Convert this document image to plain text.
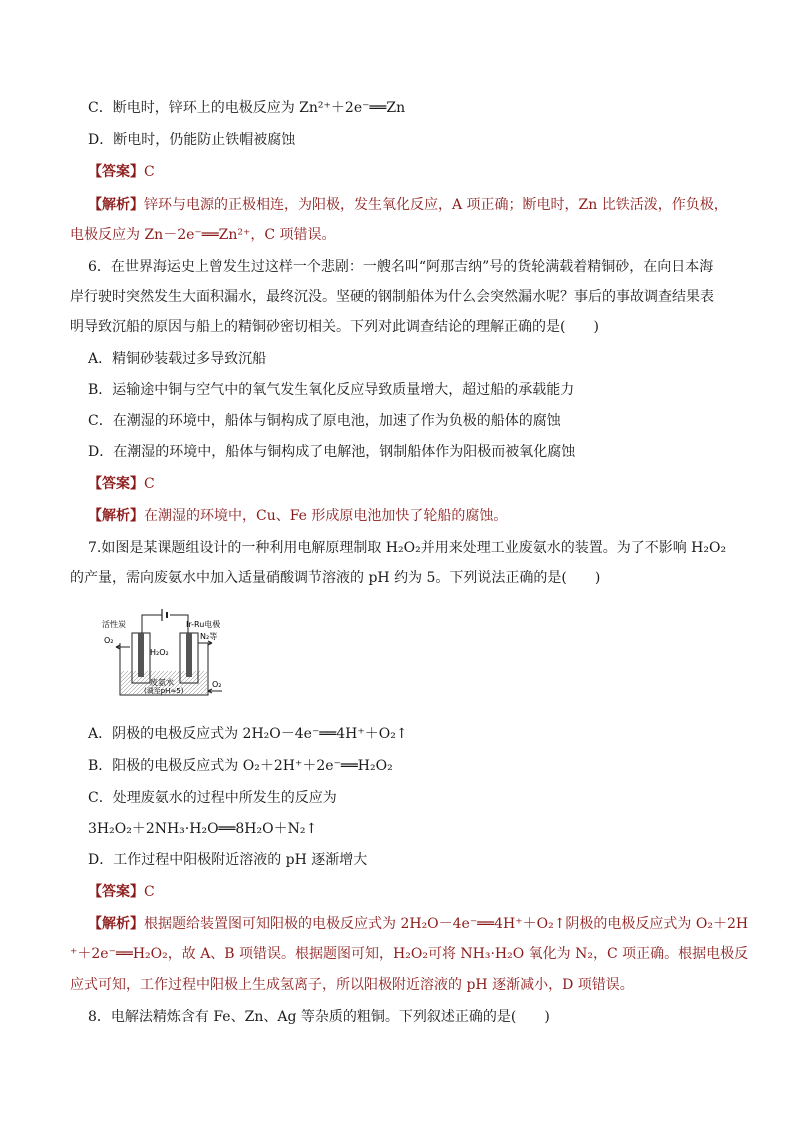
C．断电时，锌环上的电极反应为 Zn²⁺＋2e⁻══Zn
D．断电时，仍能防止铁帽被腐蚀
【答案】C
【解析】锌环与电源的正极相连，为阳极，发生氧化反应，A 项正确；断电时，Zn 比铁活泼，作负极，
电极反应为 Zn－2e⁻══Zn²⁺，C 项错误。
6．在世界海运史上曾发生过这样一个悲剧：一艘名叫“阿那吉纳”号的货轮满载着精铜砂，在向日本海
岸行驶时突然发生大面积漏水，最终沉没。坚硬的钢制船体为什么会突然漏水呢？事后的事故调查结果表
明导致沉船的原因与船上的精铜砂密切相关。下列对此调查结论的理解正确的是(　　)
A．精铜砂装载过多导致沉船
B．运输途中铜与空气中的氧气发生氧化反应导致质量增大，超过船的承载能力
C．在潮湿的环境中，船体与铜构成了原电池，加速了作为负极的船体的腐蚀
D．在潮湿的环境中，船体与铜构成了电解池，钢制船体作为阳极而被氧化腐蚀
【答案】C
【解析】在潮湿的环境中，Cu、Fe 形成原电池加快了轮船的腐蚀。
7.如图是某课题组设计的一种利用电解原理制取 H₂O₂并用来处理工业废氨水的装置。为了不影响 H₂O₂
的产量，需向废氨水中加入适量硝酸调节溶液的 pH 约为 5。下列说法正确的是(　　)
活性炭	Ir-Ru电极
O₂	N₂等
H₂O₂
废氨水
(调至pH≈5)
O₂
A．阴极的电极反应式为 2H₂O－4e⁻══4H⁺＋O₂↑
B．阳极的电极反应式为 O₂＋2H⁺＋2e⁻══H₂O₂
C．处理废氨水的过程中所发生的反应为
3H₂O₂＋2NH₃·H₂O══8H₂O＋N₂↑
D．工作过程中阳极附近溶液的 pH 逐渐增大
【答案】C
【解析】根据题给装置图可知阳极的电极反应式为 2H₂O－4e⁻══4H⁺＋O₂↑阴极的电极反应式为 O₂＋2H
⁺＋2e⁻══H₂O₂，故 A、B 项错误。根据题图可知，H₂O₂可将 NH₃·H₂O 氧化为 N₂，C 项正确。根据电极反
应式可知，工作过程中阳极上生成氢离子，所以阳极附近溶液的 pH 逐渐减小，D 项错误。
8．电解法精炼含有 Fe、Zn、Ag 等杂质的粗铜。下列叙述正确的是(　　)
